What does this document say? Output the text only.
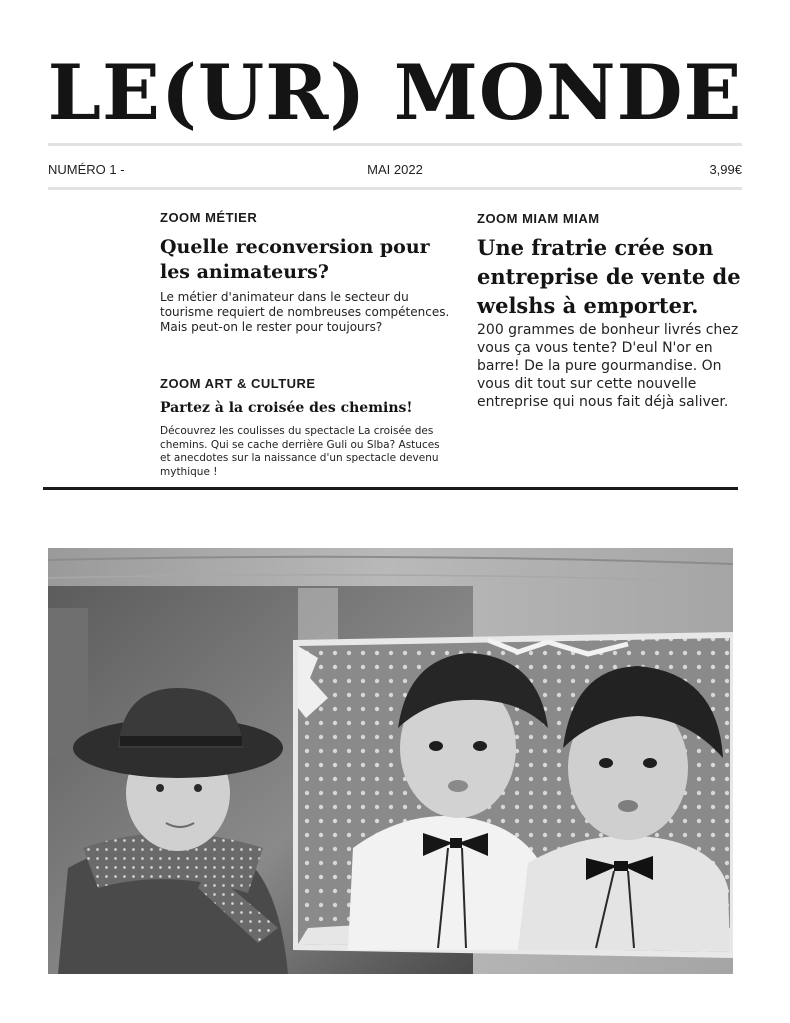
LE(UR) MONDE
NUMÉRO 1 -	MAI 2022	3,99€
ZOOM MÉTIER
Quelle reconversion pour les animateurs?
Le métier d'animateur dans le secteur du tourisme requiert de nombreuses compétences. Mais peut-on le rester pour toujours?
ZOOM ART & CULTURE
Partez à la croisée des chemins!
Découvrez les coulisses du spectacle La croisée des chemins. Qui se cache derrière Guli ou Slba? Astuces et anecdotes sur la naissance d'un spectacle devenu mythique !
ZOOM MIAM MIAM
Une fratrie crée son entreprise de vente de welshs à emporter.
200 grammes de bonheur livrés chez vous ça vous tente? D'eul N'or en barre! De la pure gourmandise. On vous dit tout sur cette nouvelle entreprise qui nous fait déjà saliver.
